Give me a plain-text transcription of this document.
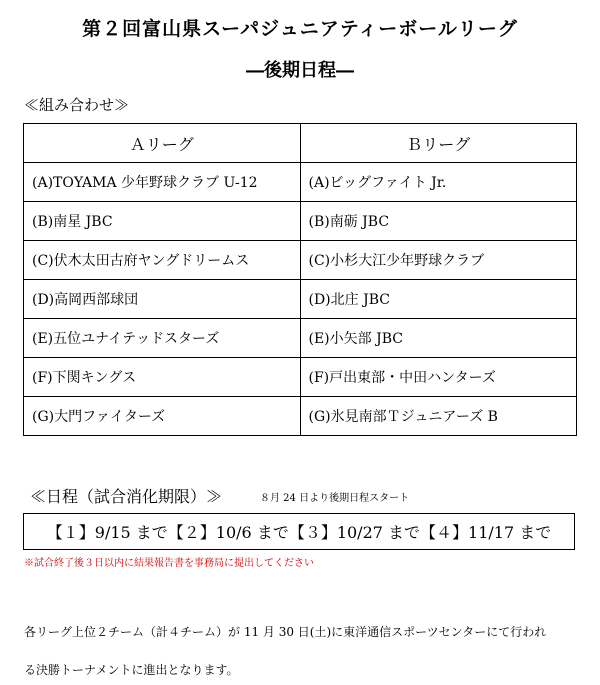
第２回富山県スーパジュニアティーボールリーグ
―後期日程―
≪組み合わせ≫
Ａリーグ	Ｂリーグ
(A)TOYAMA 少年野球クラブ U-12	(A)ビッグファイト Jr.
(B)南星 JBC	(B)南砺 JBC
(C)伏木太田古府ヤングドリームス	(C)小杉大江少年野球クラブ
(D)高岡西部球団	(D)北庄 JBC
(E)五位ユナイテッドスターズ	(E)小矢部 JBC
(F)下関キングス	(F)戸出東部・中田ハンターズ
(G)大門ファイターズ	(G)氷見南部Ｔジュニアーズ B
≪日程（試合消化期限）≫	８月 24 日より後期日程スタート
【１】9/15 まで【２】10/6 まで【３】10/27 まで【４】11/17 まで
※試合終了後３日以内に結果報告書を事務局に提出してください
各リーグ上位２チーム（計４チーム）が 11 月 30 日(土)に東洋通信スポーツセンターにて行われ
る決勝トーナメントに進出となります。
